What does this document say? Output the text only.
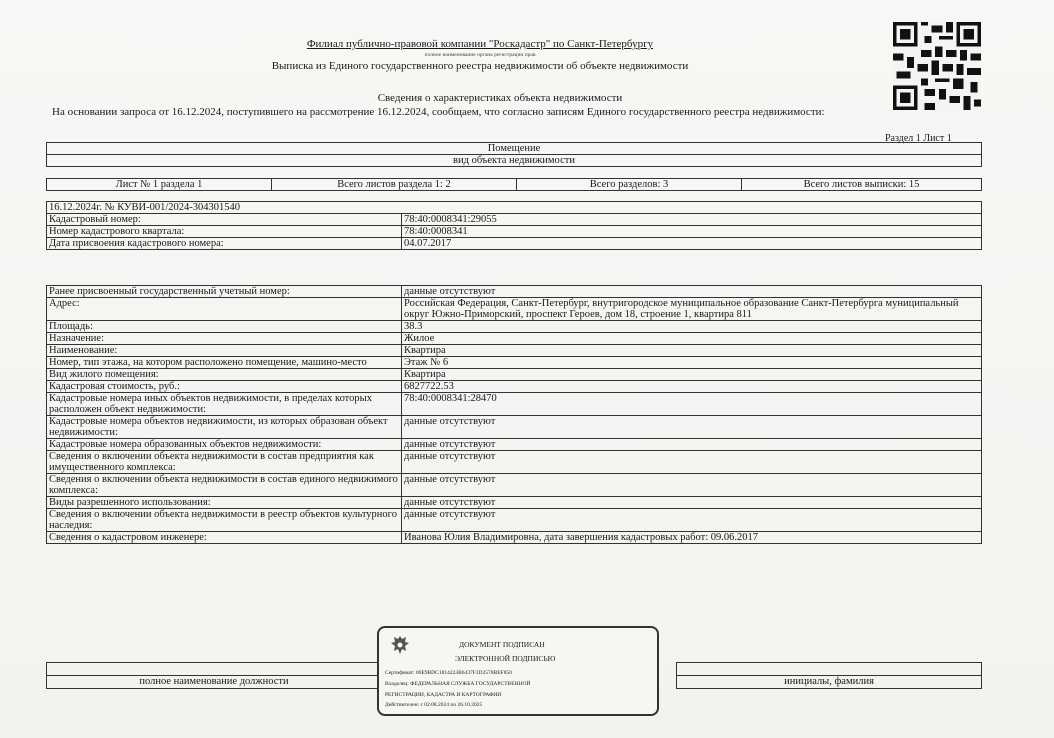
Филиал публично-правовой компании "Роскадастр" по Санкт-Петербургу
полное наименование органа регистрации прав
Выписка из Единого государственного реестра недвижимости об объекте недвижимости
Сведения о характеристиках объекта недвижимости
На основании запроса от 16.12.2024, поступившего на рассмотрение 16.12.2024, сообщаем, что согласно записям Единого государственного реестра недвижимости:
Раздел 1 Лист 1
Помещение
вид объекта недвижимости
Лист № 1 раздела 1	Всего листов раздела 1: 2	Всего разделов: 3	Всего листов выписки: 15
16.12.2024г. № КУВИ-001/2024-304301540	
Кадастровый номер:	78:40:0008341:29055
Номер кадастрового квартала:	78:40:0008341
Дата присвоения кадастрового номера:	04.07.2017
Ранее присвоенный государственный учетный номер:	данные отсутствуют
Адрес:	Российская Федерация, Санкт-Петербург, внутригородское муниципальное образование Санкт-Петербурга муниципальный округ Южно-Приморский, проспект Героев, дом 18, строение 1, квартира 811
Площадь:	38.3
Назначение:	Жилое
Наименование:	Квартира
Номер, тип этажа, на котором расположено помещение, машино-место	Этаж № 6
Вид жилого помещения:	Квартира
Кадастровая стоимость, руб.:	6827722.53
Кадастровые номера иных объектов недвижимости, в пределах которых расположен объект недвижимости:	78:40:0008341:28470
Кадастровые номера объектов недвижимости, из которых образован объект недвижимости:	данные отсутствуют
Кадастровые номера образованных объектов недвижимости:	данные отсутствуют
Сведения о включении объекта недвижимости в состав предприятия как имущественного комплекса:	данные отсутствуют
Сведения о включении объекта недвижимости в состав единого недвижимого комплекса:	данные отсутствуют
Виды разрешенного использования:	данные отсутствуют
Сведения о включении объекта недвижимости в реестр объектов культурного наследия:	данные отсутствуют
Сведения о кадастровом инженере:	Иванова Юлия Владимировна, дата завершения кадастровых работ: 09.06.2017

полное наименование должности		инициалы, фамилия
ДОКУМЕНТ ПОДПИСАН
ЭЛЕКТРОННОЙ ПОДПИСЬЮ
Сертификат: 00E9BDC1814223B6437F1D2578BEF850
Владелец: ФЕДЕРАЛЬНАЯ СЛУЖБА ГОСУДАРСТВЕННОЙ
РЕГИСТРАЦИИ, КАДАСТРА И КАРТОГРАФИИ
Действителен: с 02.08.2024 по 26.10.2025
